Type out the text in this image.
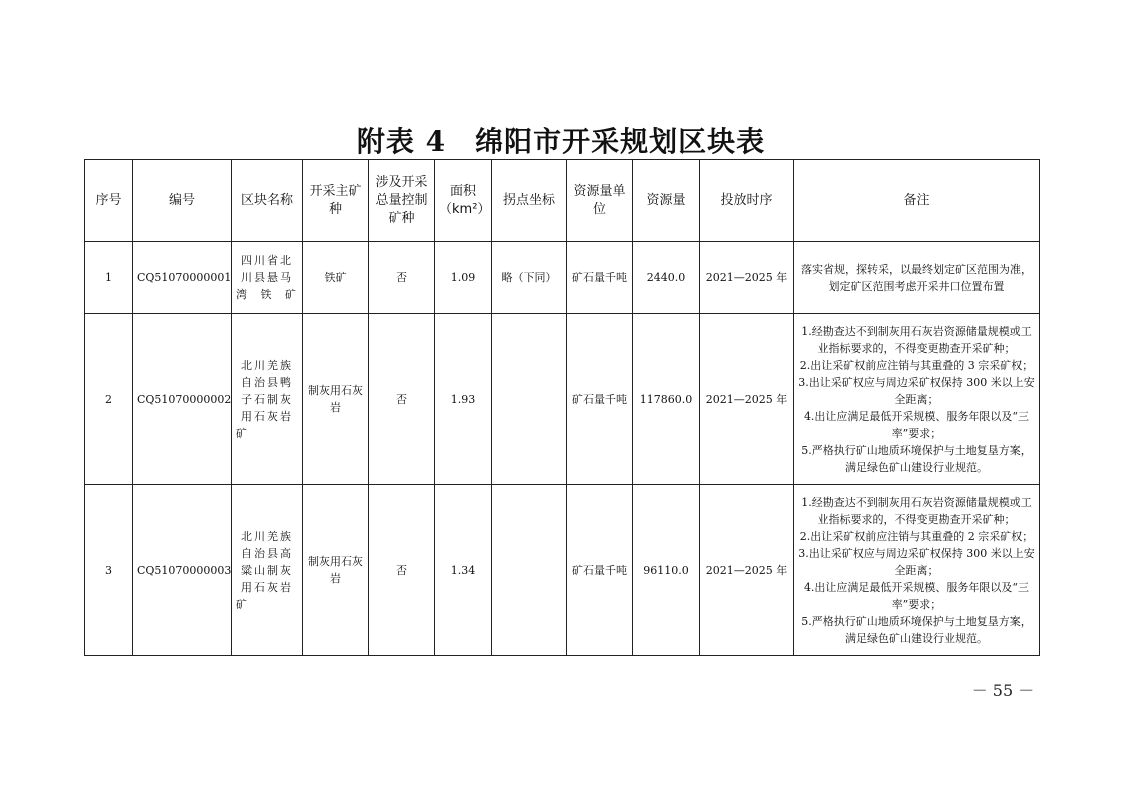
附表 4　绵阳市开采规划区块表
序号	编号	区块名称	开采主矿种	涉及开采总量控制矿种	面积（km²）	拐点坐标	资源量单位	资源量	投放时序	备注
1	CQ51070000001	四川省北川县悬马湾铁矿	铁矿	否	1.09	略（下同）	矿石量千吨	2440.0	2021—2025 年	落实省规，探转采，以最终划定矿区范围为准，划定矿区范围考虑开采井口位置布置

2	CQ51070000002	北川羌族自治县鸭子石制灰用石灰岩矿	制灰用石灰岩	否	1.93		矿石量千吨	117860.0	2021—2025 年	1.经勘查达不到制灰用石灰岩资源储量规模或工业指标要求的，不得变更勘查开采矿种；
2.出让采矿权前应注销与其重叠的 3 宗采矿权；
3.出让采矿权应与周边采矿权保持 300 米以上安全距离；
4.出让应满足最低开采规模、服务年限以及“三率”要求；
5.严格执行矿山地质环境保护与土地复垦方案，满足绿色矿山建设行业规范。

3	CQ51070000003	北川羌族自治县高粱山制灰用石灰岩矿	制灰用石灰岩	否	1.34		矿石量千吨	96110.0	2021—2025 年	1.经勘查达不到制灰用石灰岩资源储量规模或工业指标要求的，不得变更勘查开采矿种；
2.出让采矿权前应注销与其重叠的 2 宗采矿权；
3.出让采矿权应与周边采矿权保持 300 米以上安全距离；
4.出让应满足最低开采规模、服务年限以及“三率”要求；
5.严格执行矿山地质环境保护与土地复垦方案，满足绿色矿山建设行业规范。
－ 55 －
